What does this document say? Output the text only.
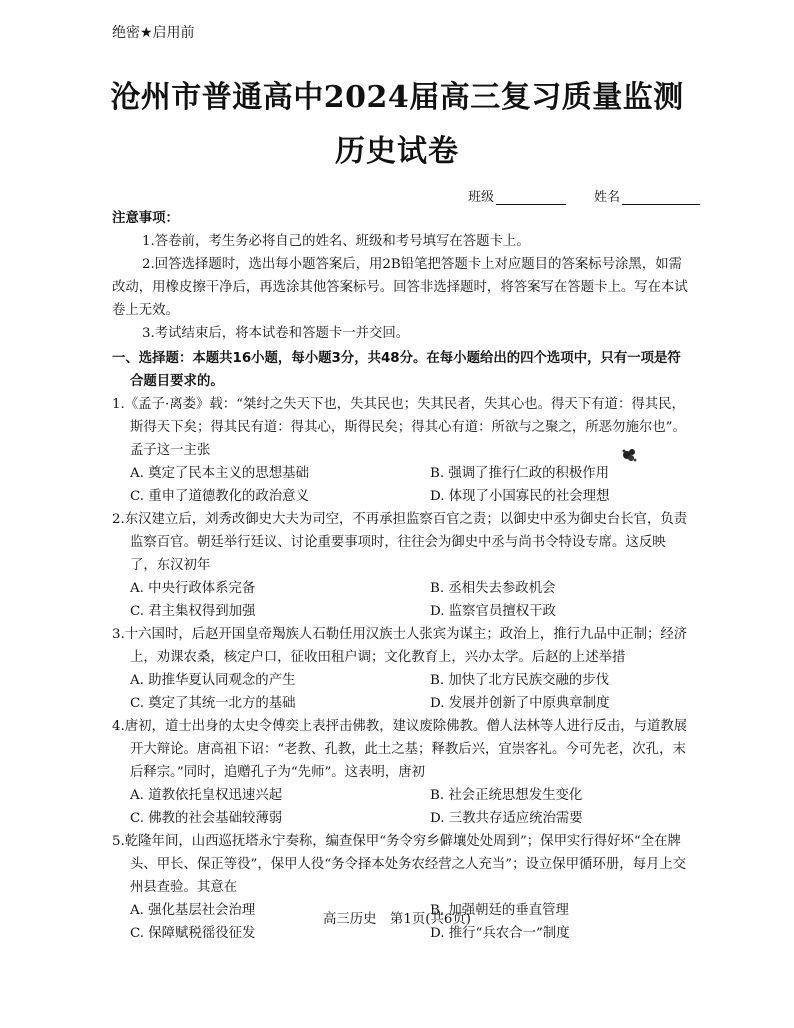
绝密★启用前
沧州市普通高中2024届高三复习质量监测
历史试卷
班级	姓名
注意事项：
1.答卷前，考生务必将自己的姓名、班级和考号填写在答题卡上。
2.回答选择题时，选出每小题答案后，用2B铅笔把答题卡上对应题目的答案标号涂黑，如需改动，用橡皮擦干净后，再选涂其他答案标号。回答非选择题时，将答案写在答题卡上。写在本试卷上无效。
3.考试结束后，将本试卷和答题卡一并交回。
一、选择题：本题共16小题，每小题3分，共48分。在每小题给出的四个选项中，只有一项是符
合题目要求的。
1.《孟子·离娄》载：“桀纣之失天下也，失其民也；失其民者，失其心也。得天下有道：得其民，斯得天下矣；得其民有道：得其心，斯得民矣；得其心有道：所欲与之聚之，所恶勿施尔也”。孟子这一主张
A. 奠定了民本主义的思想基础	B. 强调了推行仁政的积极作用
C. 重申了道德教化的政治意义	D. 体现了小国寡民的社会理想
2.东汉建立后，刘秀改御史大夫为司空，不再承担监察百官之责；以御史中丞为御史台长官，负责监察百官。朝廷举行廷议、讨论重要事项时，往往会为御史中丞与尚书令特设专席。这反映了，东汉初年
A. 中央行政体系完备	B. 丞相失去参政机会
C. 君主集权得到加强	D. 监察官员擅权干政
3.十六国时，后赵开国皇帝羯族人石勒任用汉族士人张宾为谋主；政治上，推行九品中正制；经济上，劝课农桑，核定户口，征收田租户调；文化教育上，兴办太学。后赵的上述举措
A. 助推华夏认同观念的产生	B. 加快了北方民族交融的步伐
C. 奠定了其统一北方的基础	D. 发展并创新了中原典章制度
4.唐初，道士出身的太史令傅奕上表抨击佛教，建议废除佛教。僧人法林等人进行反击，与道教展开大辩论。唐高祖下诏：“老教、孔教，此土之基；释教后兴，宜崇客礼。今可先老，次孔，末后释宗。”同时，追赠孔子为“先师”。这表明，唐初
A. 道教依托皇权迅速兴起	B. 社会正统思想发生变化
C. 佛教的社会基础较薄弱	D. 三教共存适应统治需要
5.乾隆年间，山西巡抚塔永宁奏称，编查保甲“务令穷乡僻壤处处周到”；保甲实行得好坏“全在牌头、甲长、保正等役”，保甲人役“务令择本处务农经营之人充当”；设立保甲循环册，每月上交州县查验。其意在
A. 强化基层社会治理	B. 加强朝廷的垂直管理
C. 保障赋税徭役征发	D. 推行“兵农合一”制度
高三历史　第1页(共6页)
